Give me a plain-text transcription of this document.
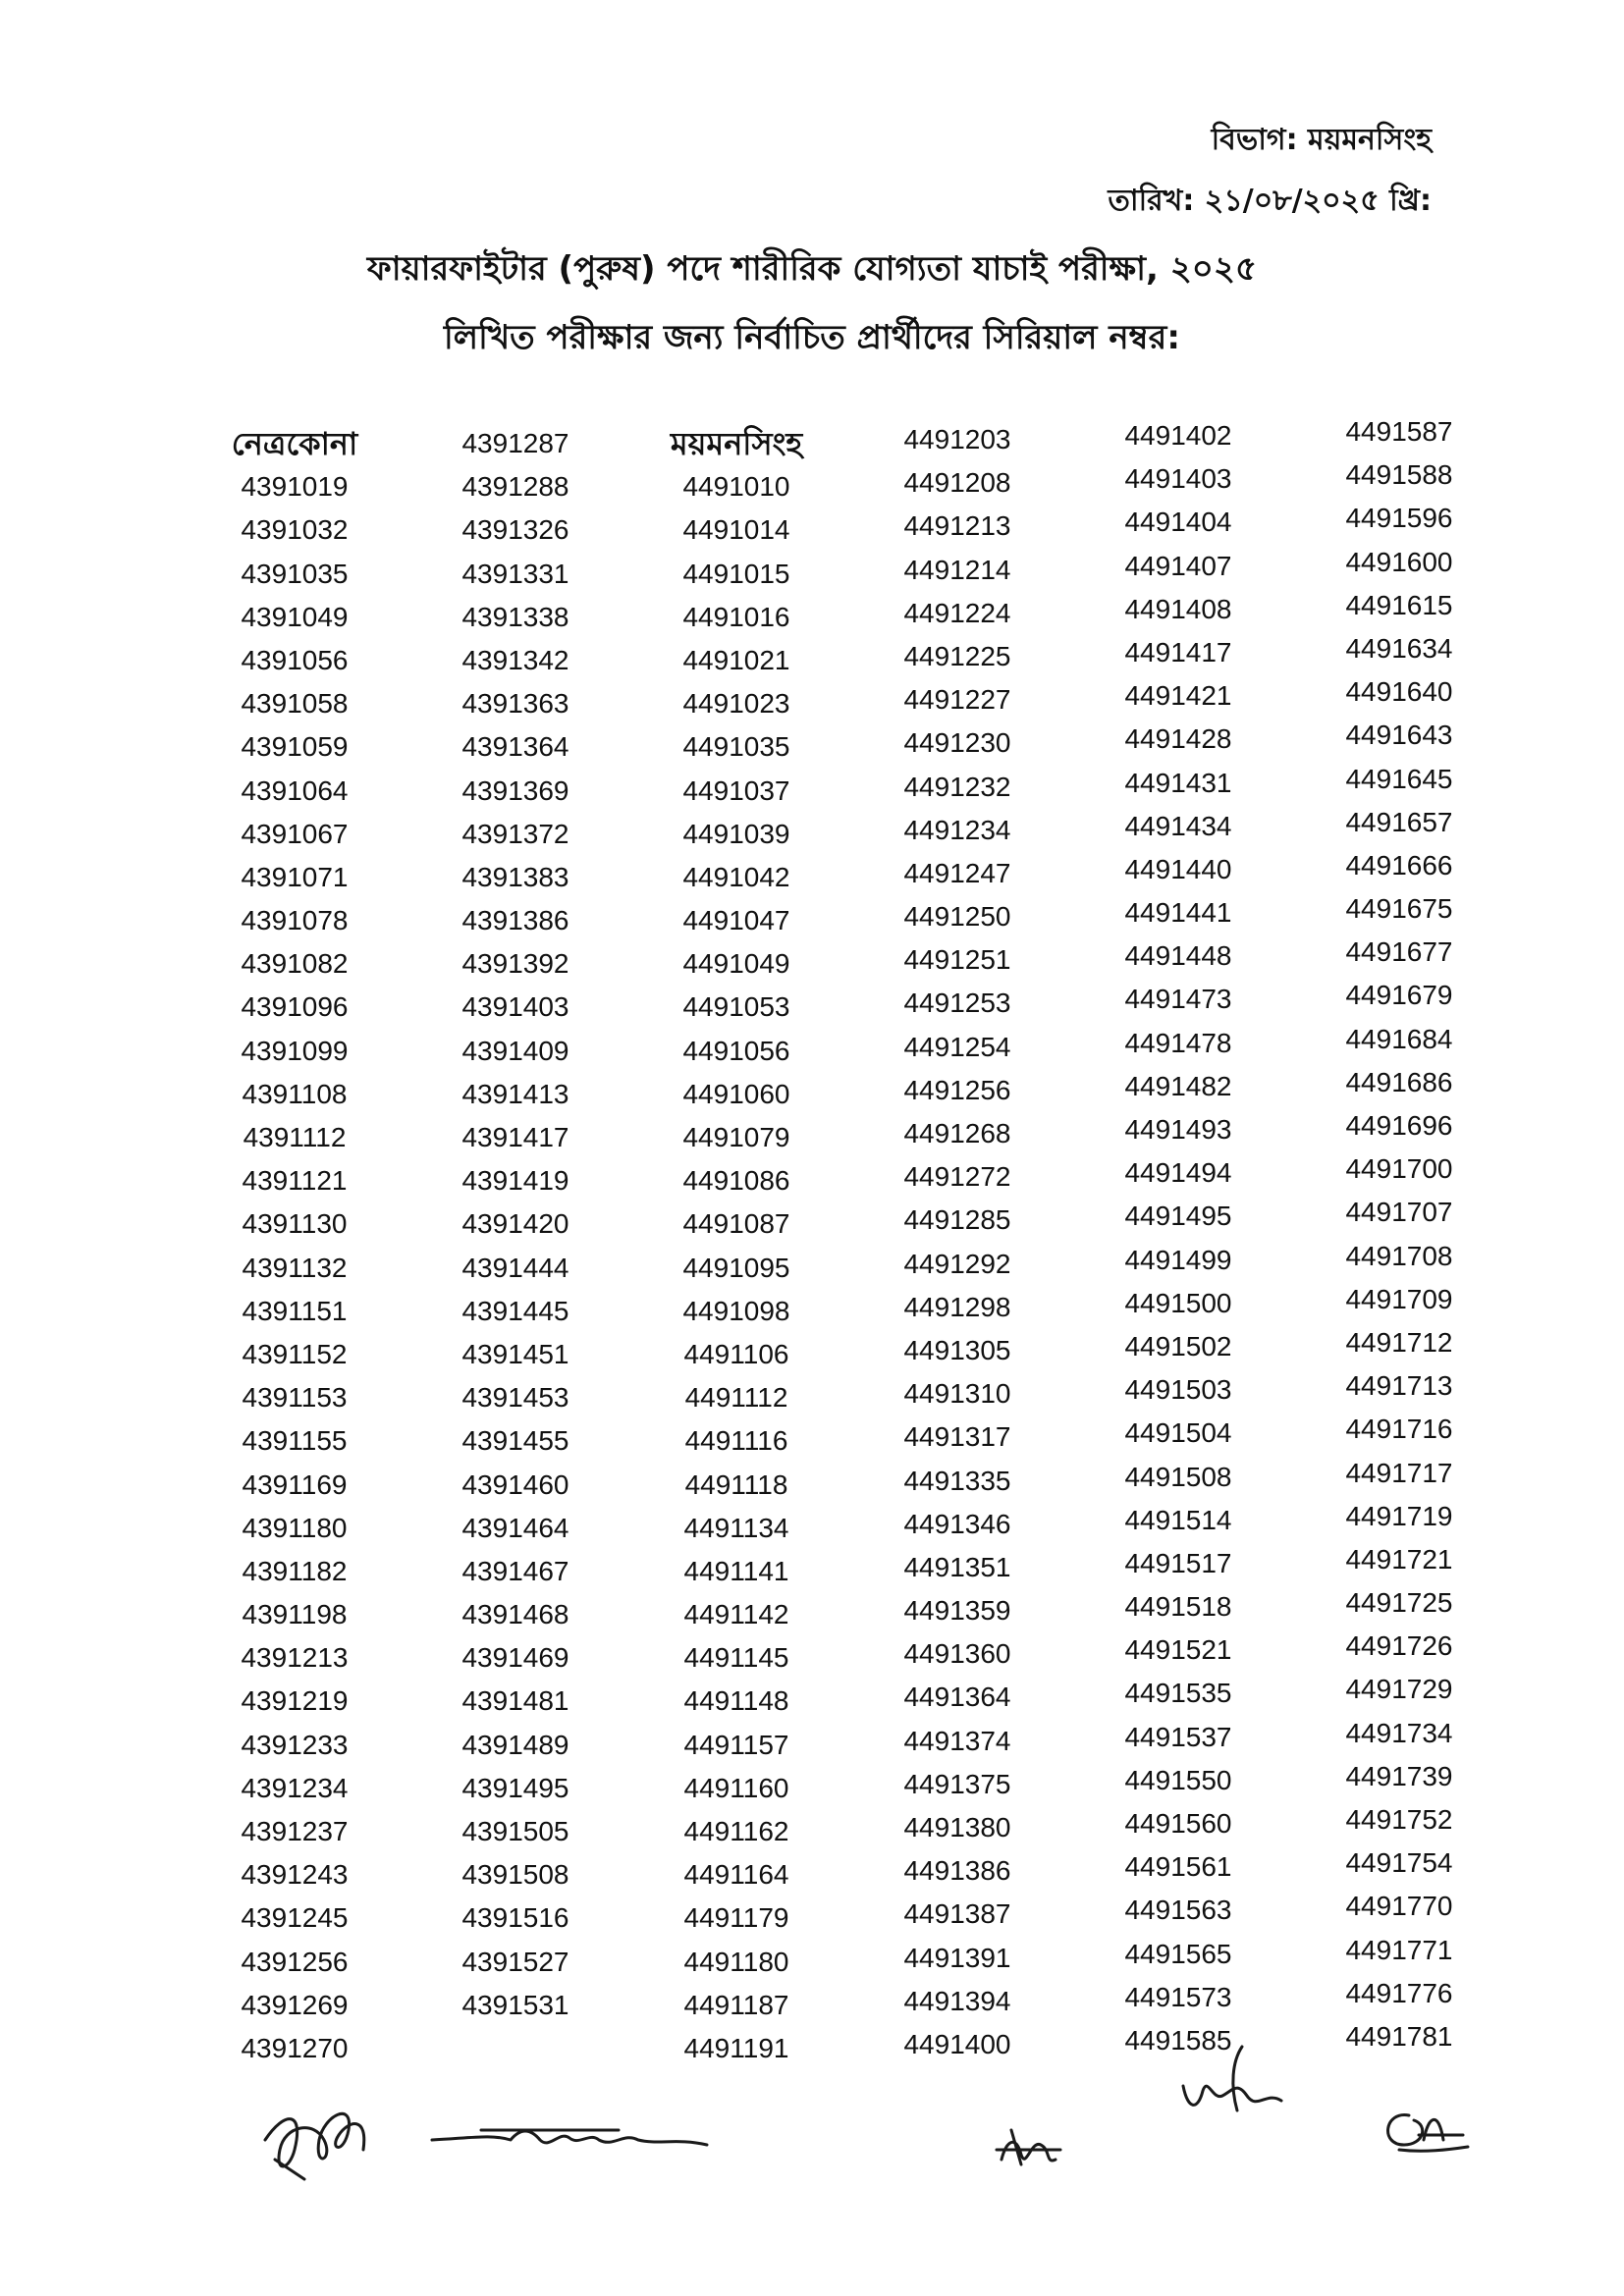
বিভাগ: ময়মনসিংহ
তারিখ: ২১/০৮/২০২৫ খ্রি:
ফায়ারফাইটার (পুরুষ) পদে শারীরিক যোগ্যতা যাচাই পরীক্ষা, ২০২৫
লিখিত পরীক্ষার জন্য নির্বাচিত প্রার্থীদের সিরিয়াল নম্বর:
নেত্রকোনা
4391019
4391032
4391035
4391049
4391056
4391058
4391059
4391064
4391067
4391071
4391078
4391082
4391096
4391099
4391108
4391112
4391121
4391130
4391132
4391151
4391152
4391153
4391155
4391169
4391180
4391182
4391198
4391213
4391219
4391233
4391234
4391237
4391243
4391245
4391256
4391269
4391270
4391287
4391288
4391326
4391331
4391338
4391342
4391363
4391364
4391369
4391372
4391383
4391386
4391392
4391403
4391409
4391413
4391417
4391419
4391420
4391444
4391445
4391451
4391453
4391455
4391460
4391464
4391467
4391468
4391469
4391481
4391489
4391495
4391505
4391508
4391516
4391527
4391531
ময়মনসিংহ
4491010
4491014
4491015
4491016
4491021
4491023
4491035
4491037
4491039
4491042
4491047
4491049
4491053
4491056
4491060
4491079
4491086
4491087
4491095
4491098
4491106
4491112
4491116
4491118
4491134
4491141
4491142
4491145
4491148
4491157
4491160
4491162
4491164
4491179
4491180
4491187
4491191
4491203
4491208
4491213
4491214
4491224
4491225
4491227
4491230
4491232
4491234
4491247
4491250
4491251
4491253
4491254
4491256
4491268
4491272
4491285
4491292
4491298
4491305
4491310
4491317
4491335
4491346
4491351
4491359
4491360
4491364
4491374
4491375
4491380
4491386
4491387
4491391
4491394
4491400
4491402
4491403
4491404
4491407
4491408
4491417
4491421
4491428
4491431
4491434
4491440
4491441
4491448
4491473
4491478
4491482
4491493
4491494
4491495
4491499
4491500
4491502
4491503
4491504
4491508
4491514
4491517
4491518
4491521
4491535
4491537
4491550
4491560
4491561
4491563
4491565
4491573
4491585
4491587
4491588
4491596
4491600
4491615
4491634
4491640
4491643
4491645
4491657
4491666
4491675
4491677
4491679
4491684
4491686
4491696
4491700
4491707
4491708
4491709
4491712
4491713
4491716
4491717
4491719
4491721
4491725
4491726
4491729
4491734
4491739
4491752
4491754
4491770
4491771
4491776
4491781
